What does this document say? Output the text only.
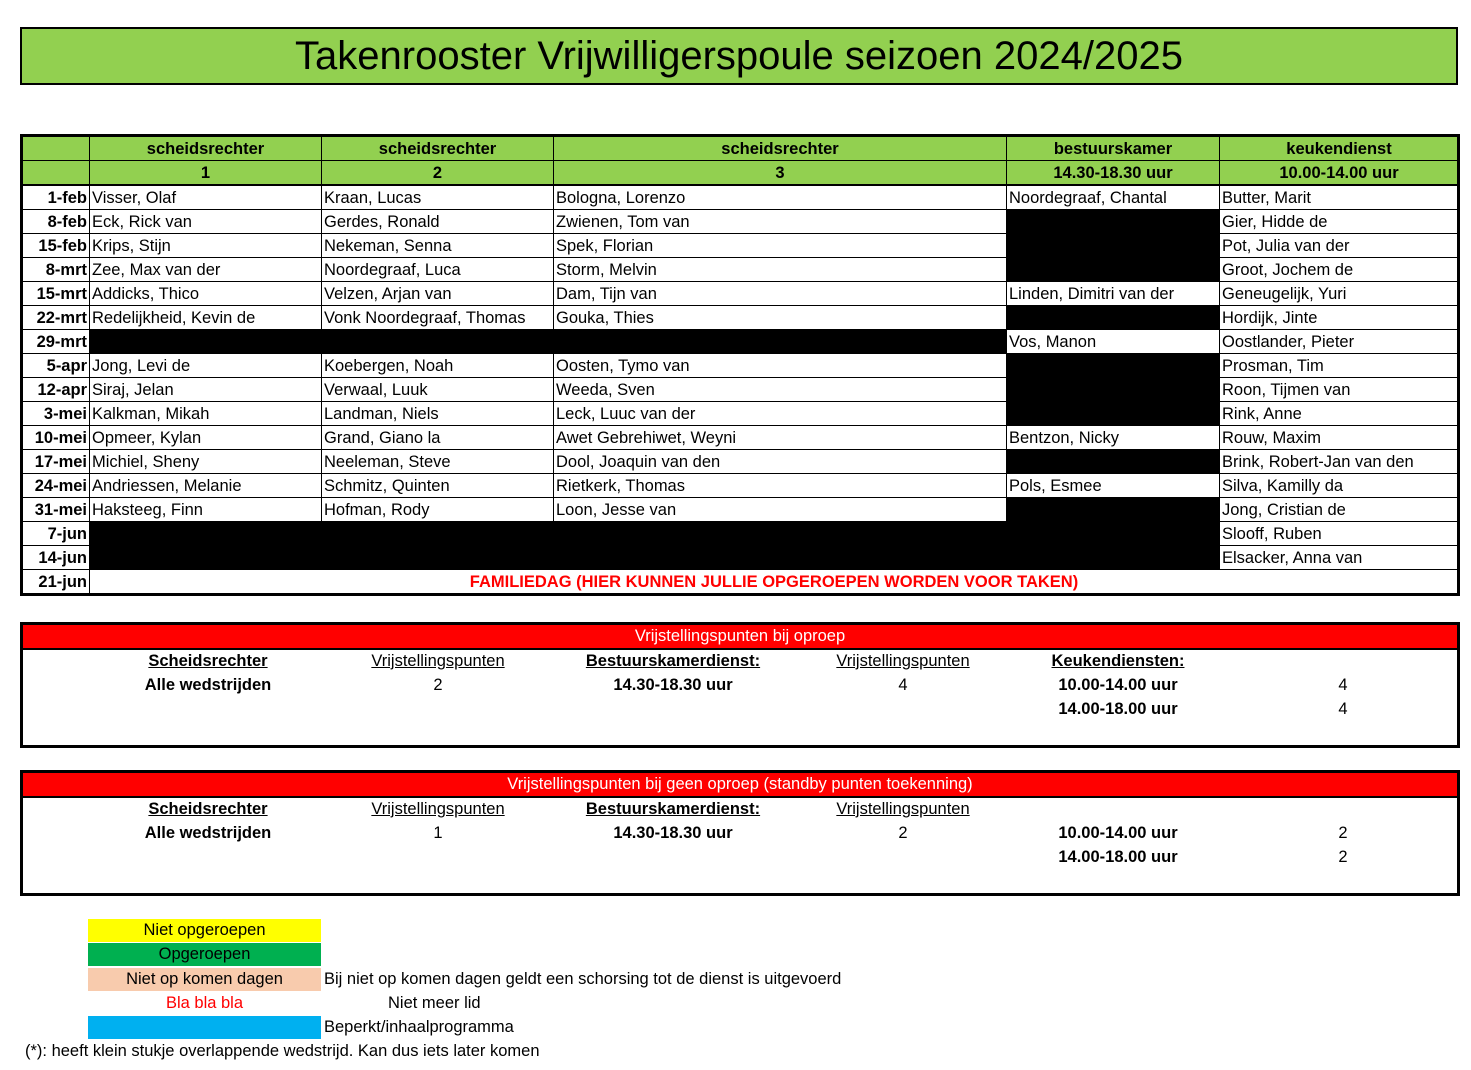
Takenrooster Vrijwilligerspoule seizoen 2024/2025
	scheidsrechter	scheidsrechter	scheidsrechter	bestuurskamer	keukendienst	
	1	2	3	14.30-18.30 uur	10.00-14.00 uur	
1-feb	Visser, Olaf	Kraan, Lucas	Bologna, Lorenzo	Noordegraaf, Chantal	Butter, Marit	
8-feb	Eck, Rick van	Gerdes, Ronald	Zwienen, Tom van		Gier, Hidde de	
15-feb	Krips, Stijn	Nekeman, Senna	Spek, Florian		Pot, Julia van der	
8-mrt	Zee, Max van der	Noordegraaf, Luca	Storm, Melvin		Groot, Jochem de	
15-mrt	Addicks, Thico	Velzen, Arjan van	Dam, Tijn van	Linden, Dimitri van der	Geneugelijk, Yuri	
22-mrt	Redelijkheid, Kevin de	Vonk Noordegraaf, Thomas	Gouka, Thies		Hordijk, Jinte	
29-mrt				Vos, Manon	Oostlander, Pieter	
5-apr	Jong, Levi de	Koebergen, Noah	Oosten, Tymo van		Prosman, Tim	
12-apr	Siraj, Jelan	Verwaal, Luuk	Weeda, Sven		Roon, Tijmen van	
3-mei	Kalkman, Mikah	Landman, Niels	Leck, Luuc van der		Rink, Anne	
10-mei	Opmeer, Kylan	Grand, Giano la	Awet Gebrehiwet, Weyni	Bentzon, Nicky	Rouw, Maxim	
17-mei	Michiel, Sheny	Neeleman, Steve	Dool, Joaquin van den		Brink, Robert-Jan van den	
24-mei	Andriessen, Melanie	Schmitz, Quinten	Rietkerk, Thomas	Pols, Esmee	Silva, Kamilly da	
31-mei	Haksteeg, Finn	Hofman, Rody	Loon, Jesse van		Jong, Cristian de	
7-jun					Slooff, Ruben	
14-jun					Elsacker, Anna van	
21-jun	FAMILIEDAG (HIER KUNNEN JULLIE OPGEROEPEN WORDEN VOOR TAKEN)					
Vrijstellingspunten bij oproep
Scheidsrechter	Vrijstellingspunten	Bestuurskamerdienst:	Vrijstellingspunten	Keukendiensten:
Alle wedstrijden	2	14.30-18.30 uur	4	10.00-14.00 uur	4
14.00-18.00 uur	4
Vrijstellingspunten bij geen oproep (standby punten toekenning)
Scheidsrechter	Vrijstellingspunten	Bestuurskamerdienst:	Vrijstellingspunten
Alle wedstrijden	1	14.30-18.30 uur	2	10.00-14.00 uur	2
14.00-18.00 uur	2
Niet opgeroepen
Opgeroepen
Niet op komen dagen
Bla bla bla
Bij niet op komen dagen geldt een schorsing tot de dienst is uitgevoerd
Niet meer lid
Beperkt/inhaalprogramma
(*): heeft klein stukje overlappende wedstrijd. Kan dus iets later komen
